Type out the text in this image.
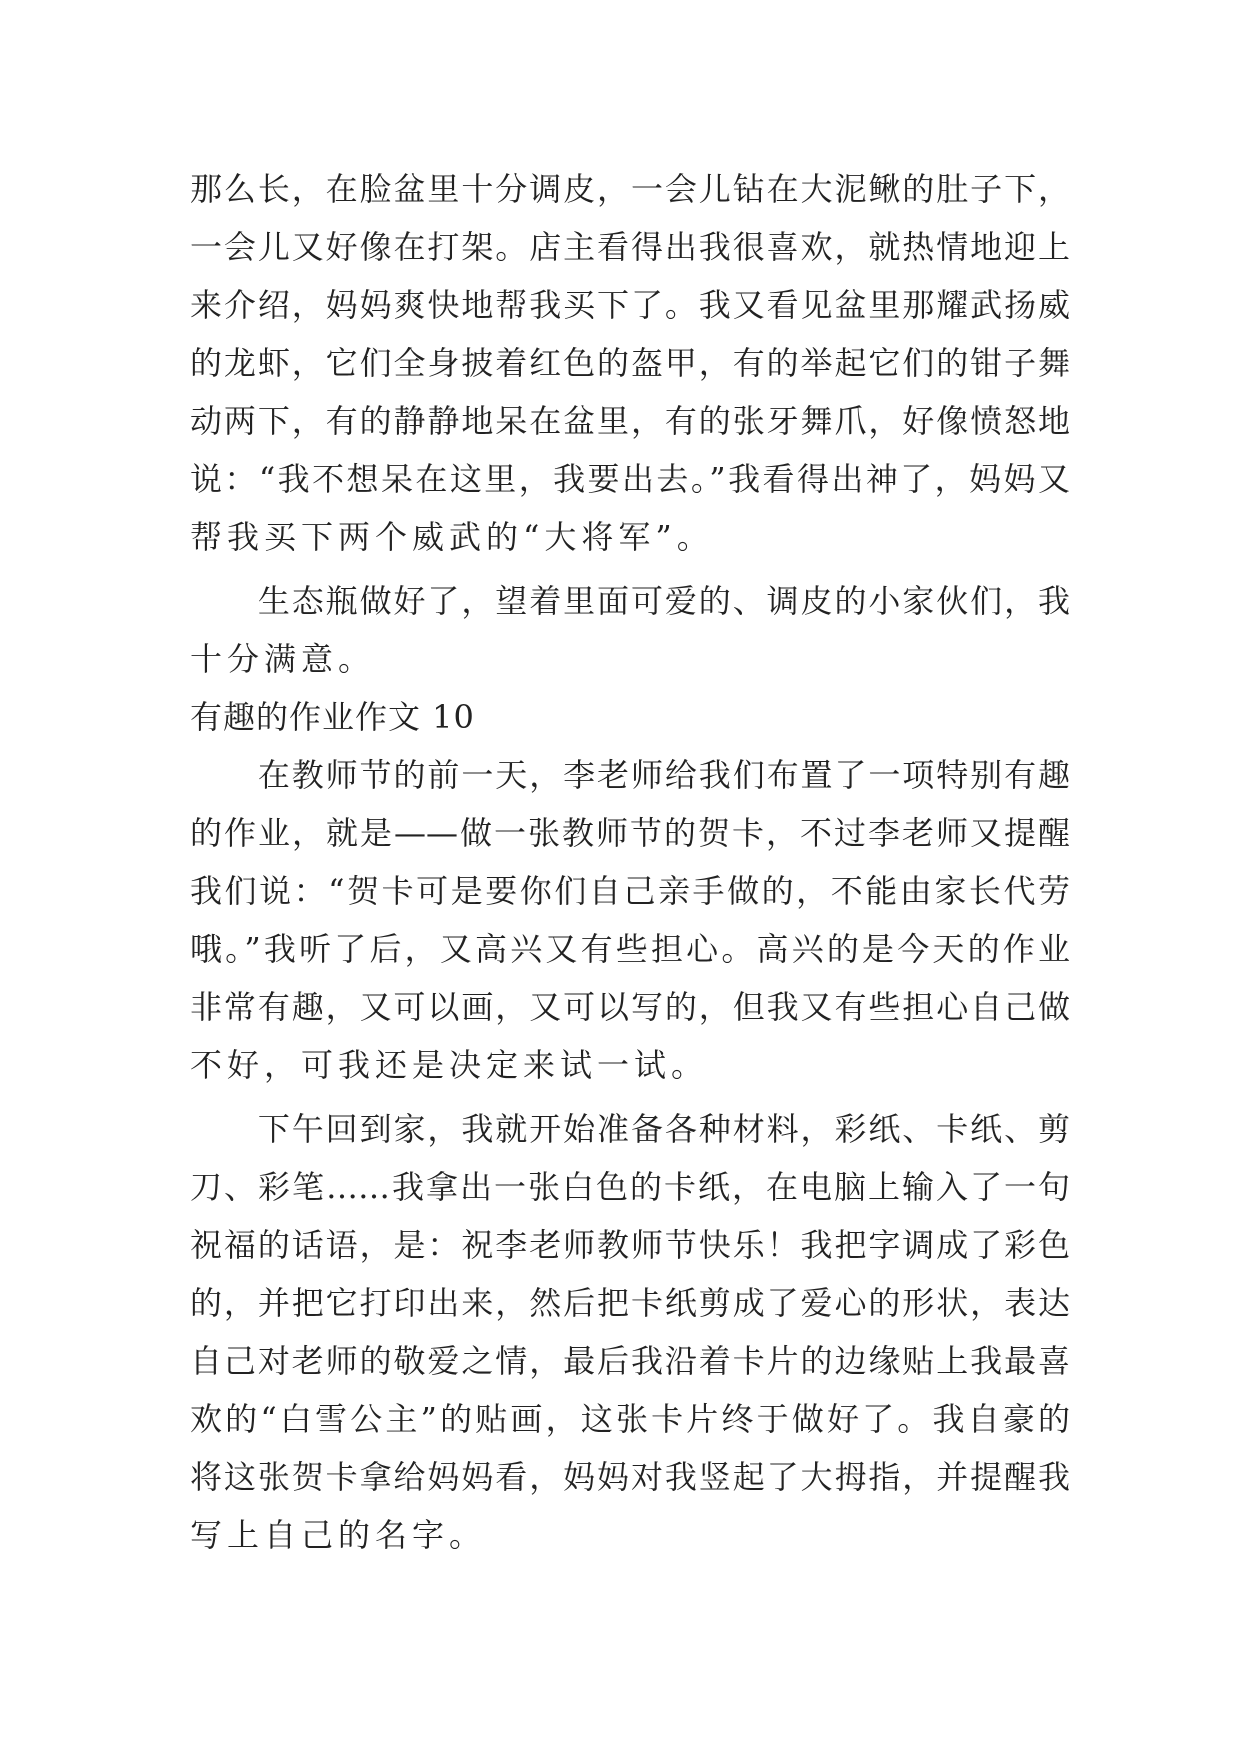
那么长，在脸盆里十分调皮，一会儿钻在大泥鳅的肚子下，
一会儿又好像在打架。店主看得出我很喜欢，就热情地迎上
来介绍，妈妈爽快地帮我买下了。我又看见盆里那耀武扬威
的龙虾，它们全身披着红色的盔甲，有的举起它们的钳子舞
动两下，有的静静地呆在盆里，有的张牙舞爪，好像愤怒地
说：“我不想呆在这里，我要出去。”我看得出神了，妈妈又
帮我买下两个威武的“大将军”。
　　生态瓶做好了，望着里面可爱的、调皮的小家伙们，我
十分满意。
有趣的作业作文 10
　　在教师节的前一天，李老师给我们布置了一项特别有趣
的作业，就是——做一张教师节的贺卡，不过李老师又提醒
我们说：“贺卡可是要你们自己亲手做的，不能由家长代劳
哦。”我听了后，又高兴又有些担心。高兴的是今天的作业
非常有趣，又可以画，又可以写的，但我又有些担心自己做
不好，可我还是决定来试一试。
　　下午回到家，我就开始准备各种材料，彩纸、卡纸、剪
刀、彩笔……我拿出一张白色的卡纸，在电脑上输入了一句
祝福的话语，是：祝李老师教师节快乐！我把字调成了彩色
的，并把它打印出来，然后把卡纸剪成了爱心的形状，表达
自己对老师的敬爱之情，最后我沿着卡片的边缘贴上我最喜
欢的“白雪公主”的贴画，这张卡片终于做好了。我自豪的
将这张贺卡拿给妈妈看，妈妈对我竖起了大拇指，并提醒我
写上自己的名字。
